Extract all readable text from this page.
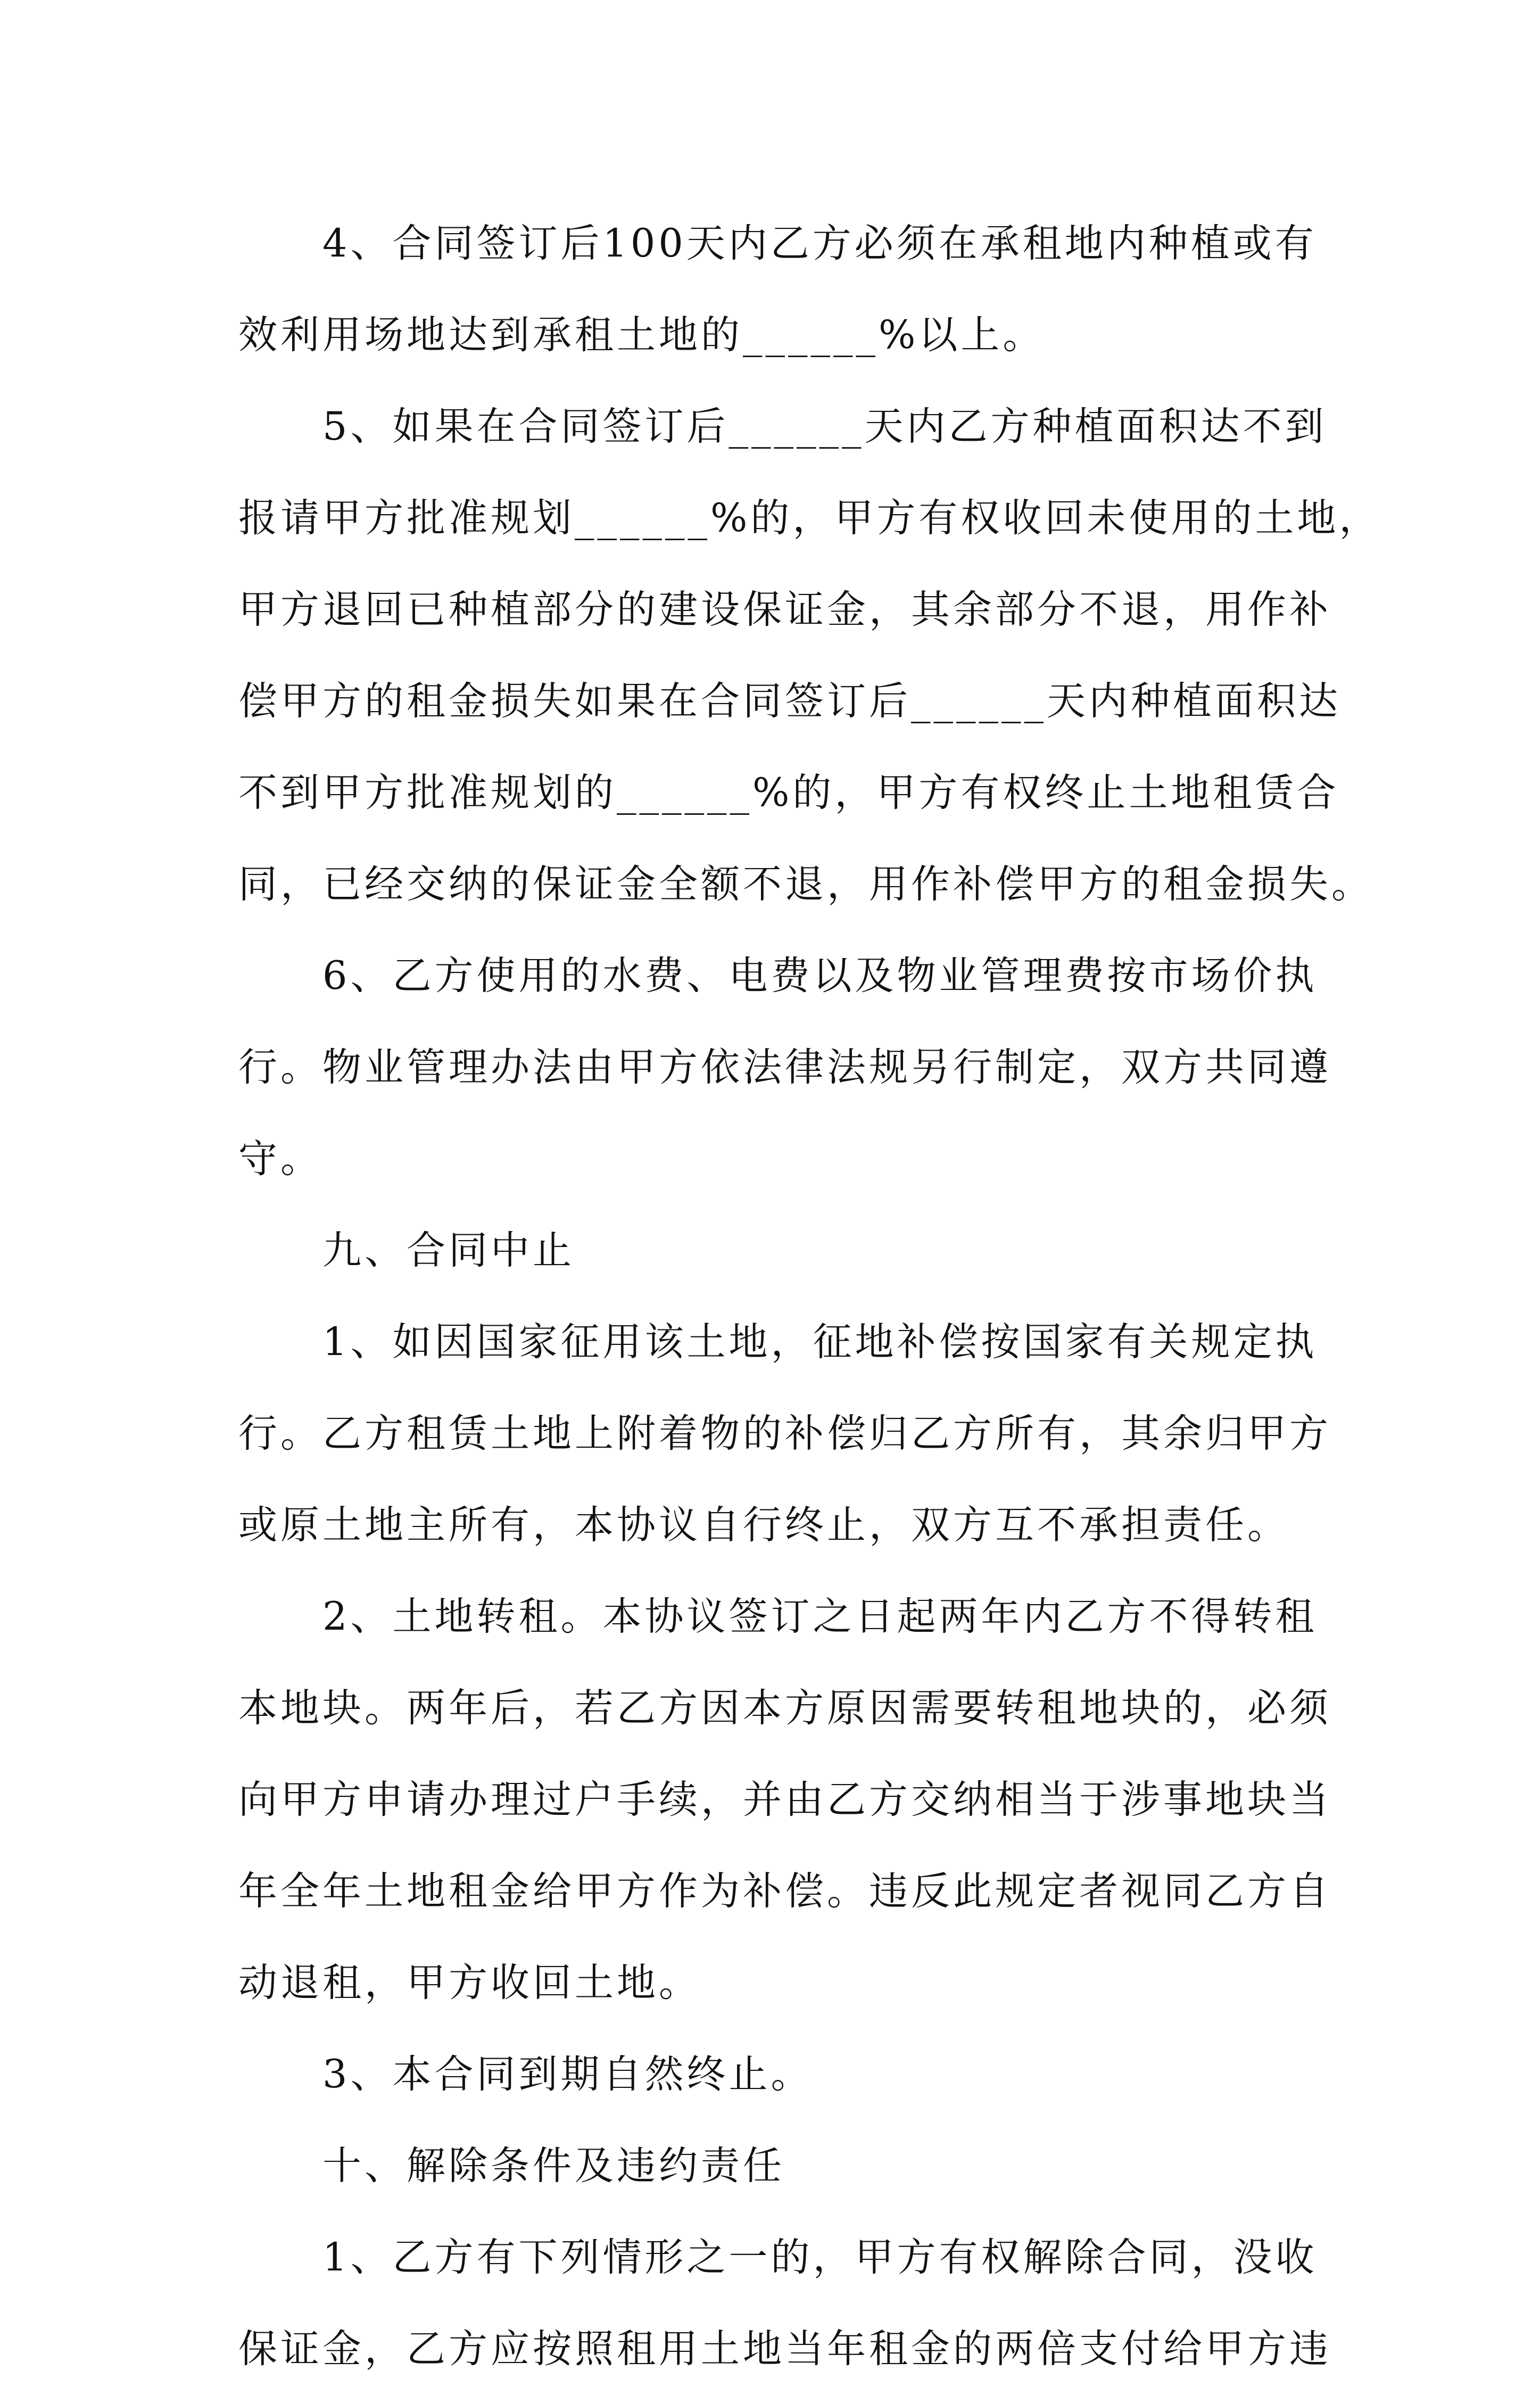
　　4、合同签订后100天内乙方必须在承租地内种植或有
效利用场地达到承租土地的______%以上。
　　5、如果在合同签订后______天内乙方种植面积达不到
报请甲方批准规划______%的，甲方有权收回未使用的土地，
甲方退回已种植部分的建设保证金，其余部分不退，用作补
偿甲方的租金损失如果在合同签订后______天内种植面积达
不到甲方批准规划的______%的，甲方有权终止土地租赁合
同，已经交纳的保证金全额不退，用作补偿甲方的租金损失。
　　6、乙方使用的水费、电费以及物业管理费按市场价执
行。物业管理办法由甲方依法律法规另行制定，双方共同遵
守。
　　九、合同中止
　　1、如因国家征用该土地，征地补偿按国家有关规定执
行。乙方租赁土地上附着物的补偿归乙方所有，其余归甲方
或原土地主所有，本协议自行终止，双方互不承担责任。
　　2、土地转租。本协议签订之日起两年内乙方不得转租
本地块。两年后，若乙方因本方原因需要转租地块的，必须
向甲方申请办理过户手续，并由乙方交纳相当于涉事地块当
年全年土地租金给甲方作为补偿。违反此规定者视同乙方自
动退租，甲方收回土地。
　　3、本合同到期自然终止。
　　十、解除条件及违约责任
　　1、乙方有下列情形之一的，甲方有权解除合同，没收
保证金，乙方应按照租用土地当年租金的两倍支付给甲方违
